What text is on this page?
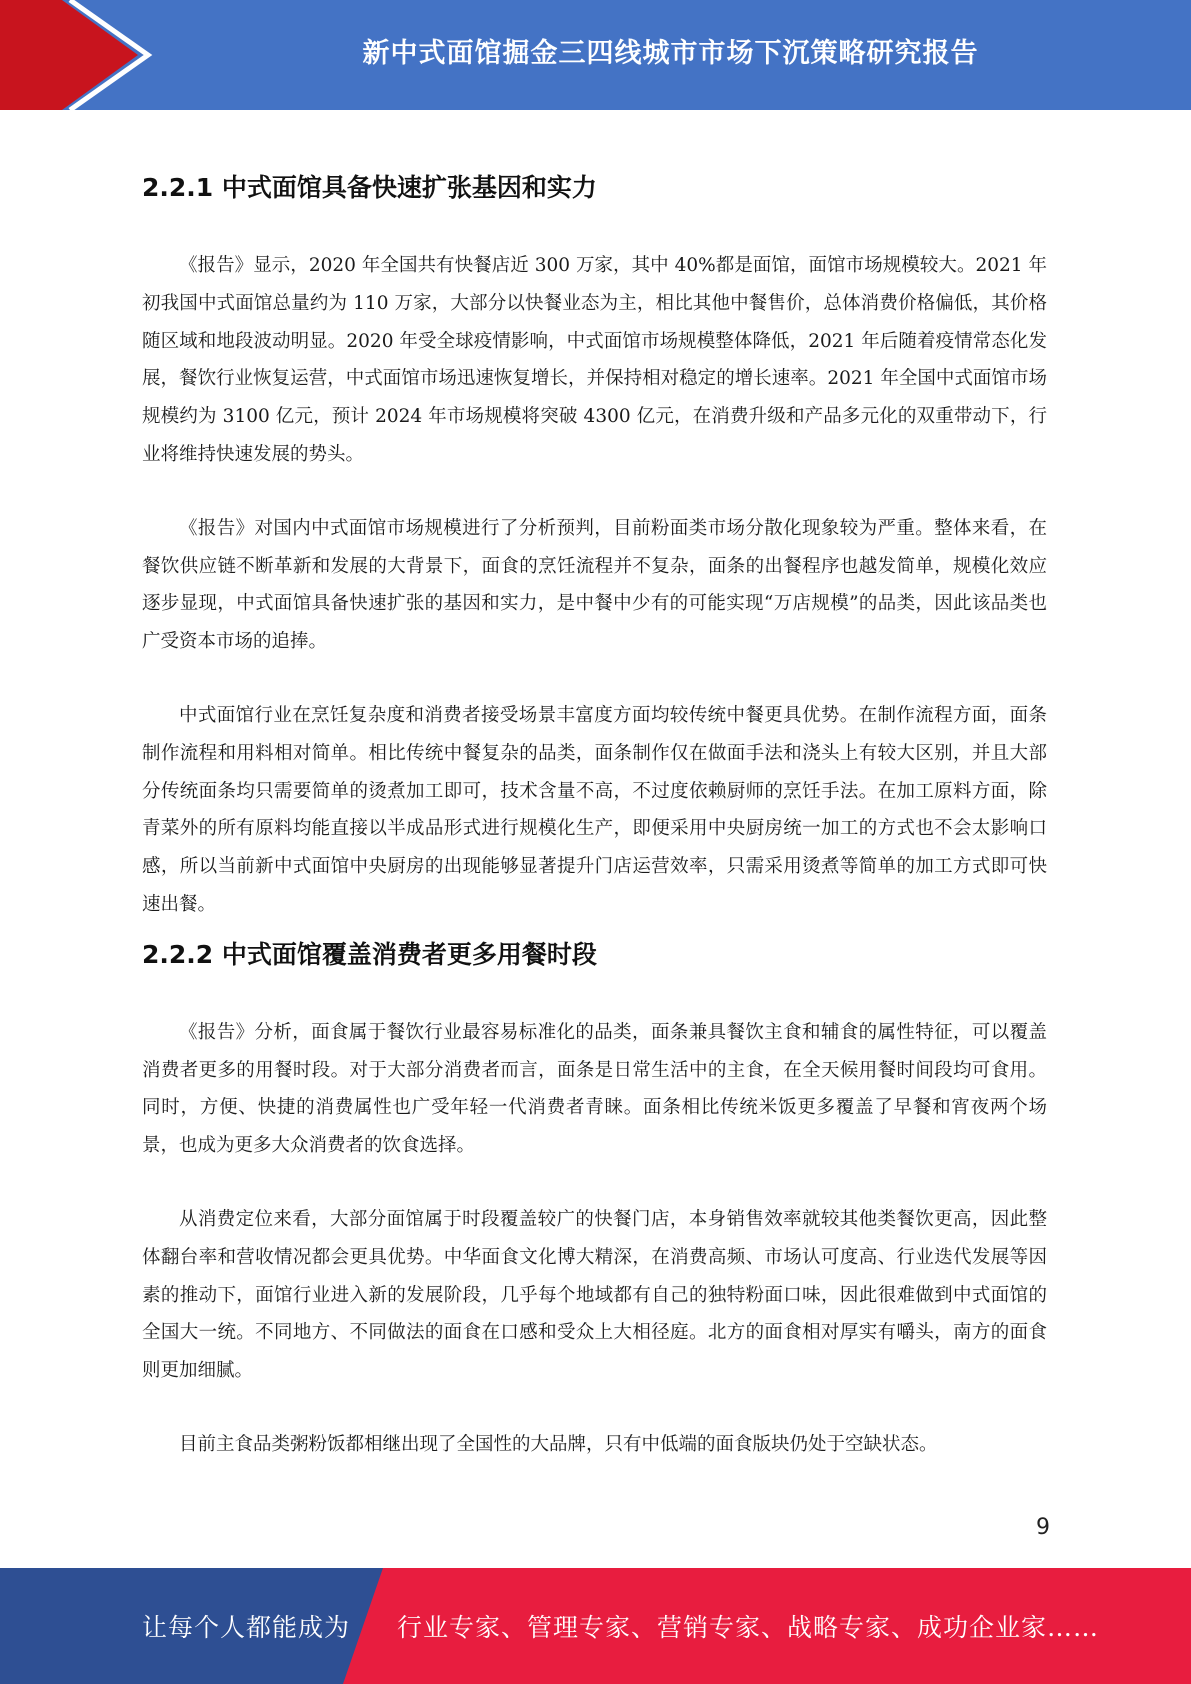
新中式面馆掘金三四线城市市场下沉策略研究报告
2.2.1 中式面馆具备快速扩张基因和实力

《报告》显示，2020 年全国共有快餐店近 300 万家，其中 40%都是面馆，面馆市场规模较大。2021 年初我国中式面馆总量约为 110 万家，大部分以快餐业态为主，相比其他中餐售价，总体消费价格偏低，其价格随区域和地段波动明显。2020 年受全球疫情影响，中式面馆市场规模整体降低，2021 年后随着疫情常态化发展，餐饮行业恢复运营，中式面馆市场迅速恢复增长，并保持相对稳定的增长速率。2021 年全国中式面馆市场规模约为 3100 亿元，预计 2024 年市场规模将突破 4300 亿元，在消费升级和产品多元化的双重带动下，行业将维持快速发展的势头。

《报告》对国内中式面馆市场规模进行了分析预判，目前粉面类市场分散化现象较为严重。整体来看，在餐饮供应链不断革新和发展的大背景下，面食的烹饪流程并不复杂，面条的出餐程序也越发简单，规模化效应逐步显现，中式面馆具备快速扩张的基因和实力，是中餐中少有的可能实现“万店规模”的品类，因此该品类也广受资本市场的追捧。

中式面馆行业在烹饪复杂度和消费者接受场景丰富度方面均较传统中餐更具优势。在制作流程方面，面条制作流程和用料相对简单。相比传统中餐复杂的品类，面条制作仅在做面手法和浇头上有较大区别，并且大部分传统面条均只需要简单的烫煮加工即可，技术含量不高，不过度依赖厨师的烹饪手法。在加工原料方面，除青菜外的所有原料均能直接以半成品形式进行规模化生产，即便采用中央厨房统一加工的方式也不会太影响口感，所以当前新中式面馆中央厨房的出现能够显著提升门店运营效率，只需采用烫煮等简单的加工方式即可快速出餐。

2.2.2 中式面馆覆盖消费者更多用餐时段

《报告》分析，面食属于餐饮行业最容易标准化的品类，面条兼具餐饮主食和辅食的属性特征，可以覆盖消费者更多的用餐时段。对于大部分消费者而言，面条是日常生活中的主食，在全天候用餐时间段均可食用。同时，方便、快捷的消费属性也广受年轻一代消费者青睐。面条相比传统米饭更多覆盖了早餐和宵夜两个场景，也成为更多大众消费者的饮食选择。

从消费定位来看，大部分面馆属于时段覆盖较广的快餐门店，本身销售效率就较其他类餐饮更高，因此整体翻台率和营收情况都会更具优势。中华面食文化博大精深，在消费高频、市场认可度高、行业迭代发展等因素的推动下，面馆行业进入新的发展阶段，几乎每个地域都有自己的独特粉面口味，因此很难做到中式面馆的全国大一统。不同地方、不同做法的面食在口感和受众上大相径庭。北方的面食相对厚实有嚼头，南方的面食则更加细腻。

目前主食品类粥粉饭都相继出现了全国性的大品牌，只有中低端的面食版块仍处于空缺状态。

9
让每个人都能成为 行业专家、管理专家、营销专家、战略专家、成功企业家……
